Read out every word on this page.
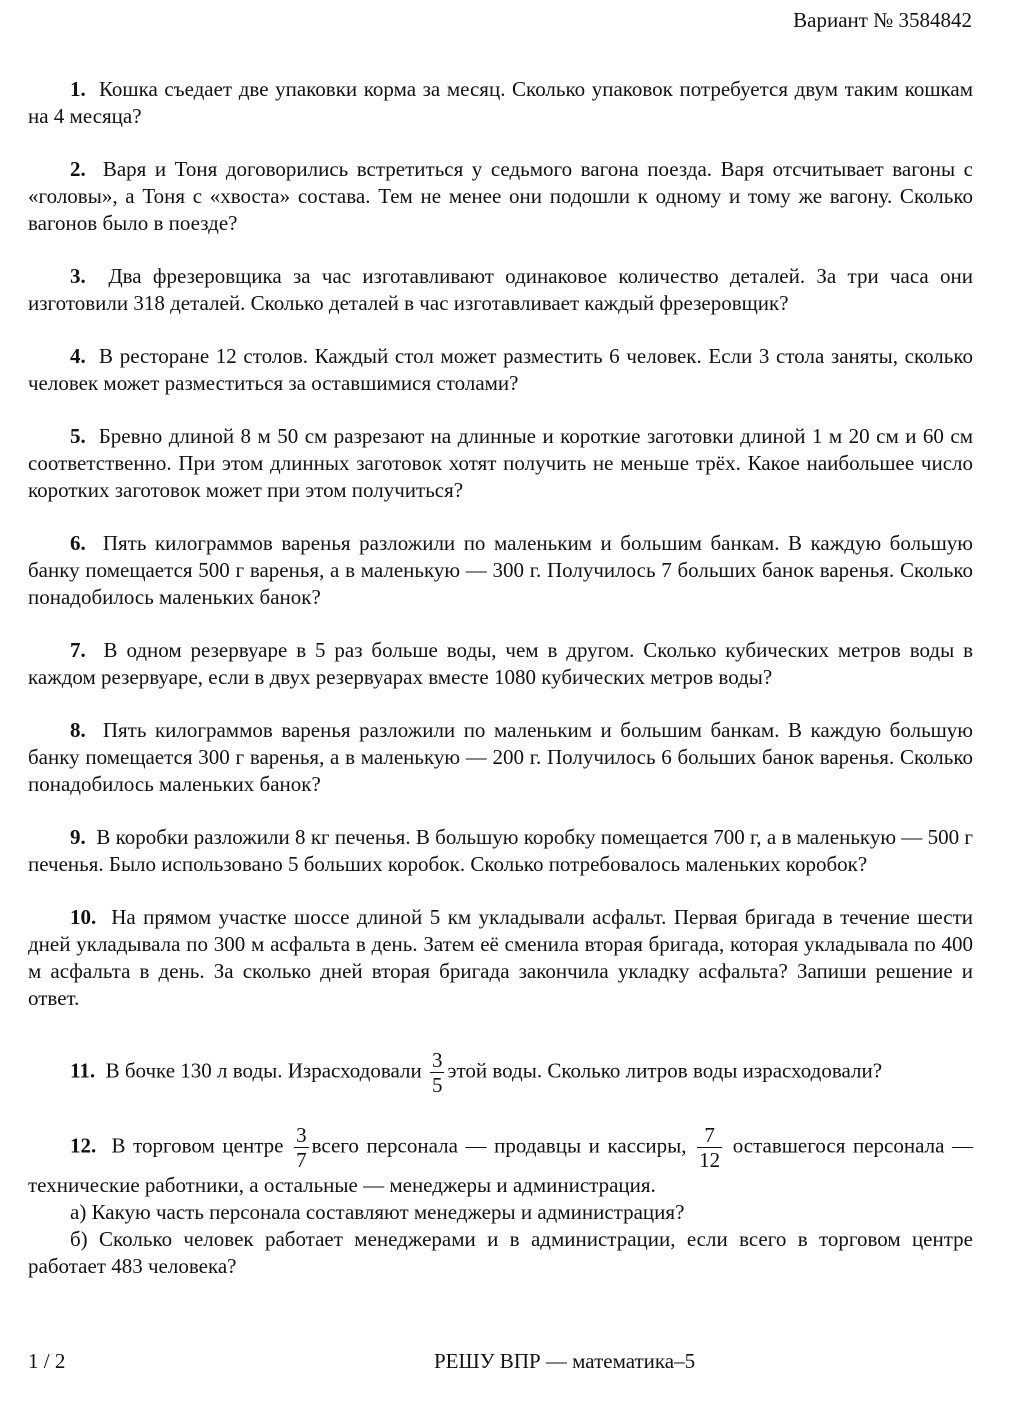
Вариант № 3584842

1. Кошка съедает две упаковки корма за месяц. Сколько упаковок потребуется двум таким кошкам на 4 месяца?

2. Варя и Тоня договорились встретиться у седьмого вагона поезда. Варя отсчитывает вагоны с «головы», а Тоня с «хвоста» состава. Тем не менее они подошли к одному и тому же вагону. Сколько вагонов было в поезде?

3. Два фрезеровщика за час изготавливают одинаковое количество деталей. За три часа они изготовили 318 деталей. Сколько деталей в час изготавливает каждый фрезеровщик?

4. В ресторане 12 столов. Каждый стол может разместить 6 человек. Если 3 стола заняты, сколько человек может разместиться за оставшимися столами?

5. Бревно длиной 8 м 50 см разрезают на длинные и короткие заготовки длиной 1 м 20 см и 60 см соответственно. При этом длинных заготовок хотят получить не меньше трёх. Какое наибольшее число коротких заготовок может при этом получиться?

6. Пять килограммов варенья разложили по маленьким и большим банкам. В каждую большую банку помещается 500 г варенья, а в маленькую — 300 г. Получилось 7 больших банок варенья. Сколько понадобилось маленьких банок?

7. В одном резервуаре в 5 раз больше воды, чем в другом. Сколько кубических метров воды в каждом резервуаре, если в двух резервуарах вместе 1080 кубических метров воды?

8. Пять килограммов варенья разложили по маленьким и большим банкам. В каждую большую банку помещается 300 г варенья, а в маленькую — 200 г. Получилось 6 больших банок варенья. Сколько понадобилось маленьких банок?

9. В коробки разложили 8 кг печенья. В большую коробку помещается 700 г, а в маленькую — 500 г печенья. Было использовано 5 больших коробок. Сколько потребовалось маленьких коробок?

10. На прямом участке шоссе длиной 5 км укладывали асфальт. Первая бригада в течение шести дней укладывала по 300 м асфальта в день. Затем её сменила вторая бригада, которая укладывала по 400 м асфальта в день. За сколько дней вторая бригада закончила укладку асфальта? Запиши решение и ответ.

11. В бочке 130 л воды. Израсходовали $\frac{3}{5}$ этой воды. Сколько литров воды израсходовали?

12. В торговом центре $\frac{3}{7}$ всего персонала — продавцы и кассиры, $\frac{7}{12}$ оставшегося персонала — технические работники, а остальные — менеджеры и администрация.

а) Какую часть персонала составляют менеджеры и администрация?

б) Сколько человек работает менеджерами и в администрации, если всего в торговом центре работает 483 человека?

1 / 2	РЕШУ ВПР — математика–5
